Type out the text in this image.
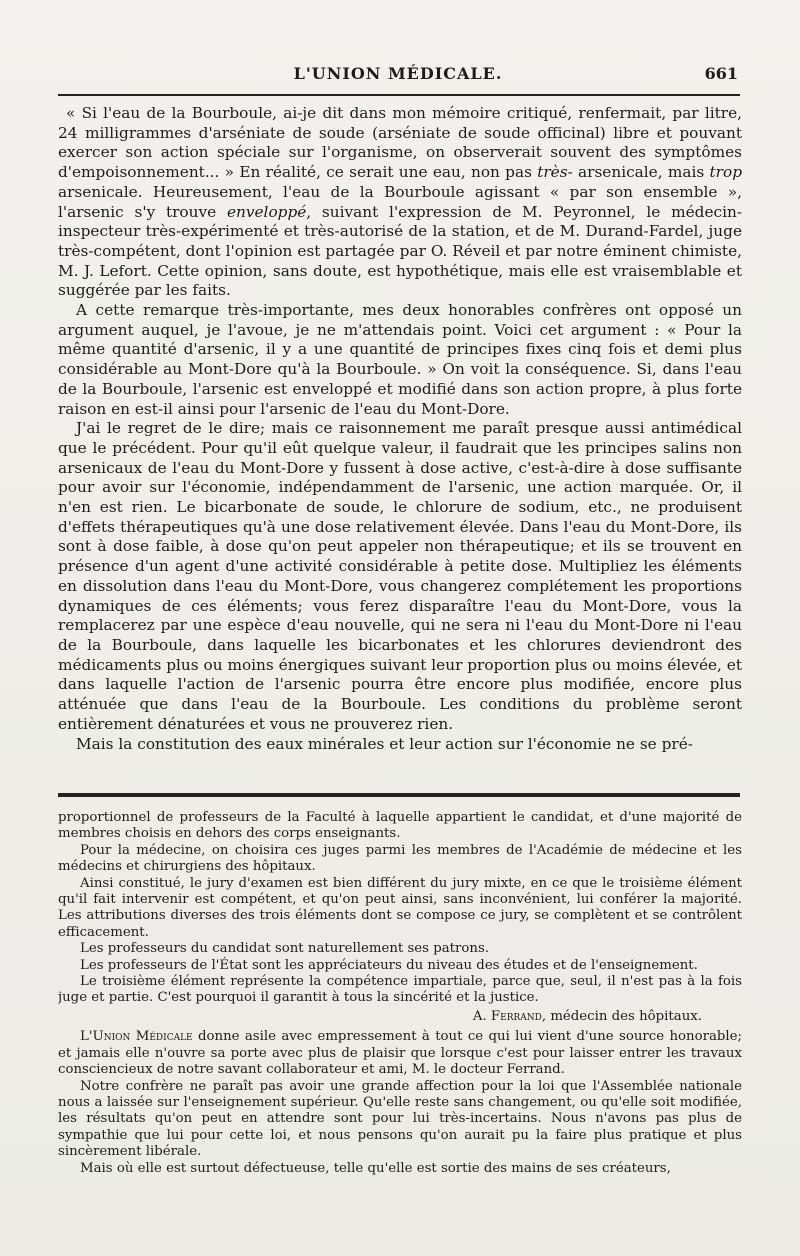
L'UNION MÉDICALE.	661

« Si l'eau de la Bourboule, ai-je dit dans mon mémoire critiqué, renfermait, par litre, 24 milligrammes d'arséniate de soude (arséniate de soude officinal) libre et pouvant exercer son action spéciale sur l'organisme, on observerait souvent des symptômes d'empoisonnement... » En réalité, ce serait une eau, non pas très- arsenicale, mais trop arsenicale. Heureusement, l'eau de la Bourboule agissant « par son ensemble », l'arsenic s'y trouve enveloppé, suivant l'expression de M. Peyronnel, le médecin-inspecteur très-expérimenté et très-autorisé de la station, et de M. Durand-Fardel, juge très-compétent, dont l'opinion est partagée par O. Réveil et par notre éminent chimiste, M. J. Lefort. Cette opinion, sans doute, est hypothétique, mais elle est vraisemblable et suggérée par les faits.

A cette remarque très-importante, mes deux honorables confrères ont opposé un argument auquel, je l'avoue, je ne m'attendais point. Voici cet argument : « Pour la même quantité d'arsenic, il y a une quantité de principes fixes cinq fois et demi plus considérable au Mont-Dore qu'à la Bourboule. » On voit la conséquence. Si, dans l'eau de la Bourboule, l'arsenic est enveloppé et modifié dans son action propre, à plus forte raison en est-il ainsi pour l'arsenic de l'eau du Mont-Dore.

J'ai le regret de le dire; mais ce raisonnement me paraît presque aussi antimédical que le précédent. Pour qu'il eût quelque valeur, il faudrait que les principes salins non arsenicaux de l'eau du Mont-Dore y fussent à dose active, c'est-à-dire à dose suffisante pour avoir sur l'économie, indépendamment de l'arsenic, une action marquée. Or, il n'en est rien. Le bicarbonate de soude, le chlorure de sodium, etc., ne produisent d'effets thérapeutiques qu'à une dose relativement élevée. Dans l'eau du Mont-Dore, ils sont à dose faible, à dose qu'on peut appeler non thérapeutique; et ils se trouvent en présence d'un agent d'une activité considérable à petite dose. Multipliez les éléments en dissolution dans l'eau du Mont-Dore, vous changerez complétement les proportions dynamiques de ces éléments; vous ferez disparaître l'eau du Mont-Dore, vous la remplacerez par une espèce d'eau nouvelle, qui ne sera ni l'eau du Mont-Dore ni l'eau de la Bourboule, dans laquelle les bicarbonates et les chlorures deviendront des médicaments plus ou moins énergiques suivant leur proportion plus ou moins élevée, et dans laquelle l'action de l'arsenic pourra être encore plus modifiée, encore plus atténuée que dans l'eau de la Bourboule. Les conditions du problème seront entièrement dénaturées et vous ne prouverez rien.

Mais la constitution des eaux minérales et leur action sur l'économie ne se pré-

proportionnel de professeurs de la Faculté à laquelle appartient le candidat, et d'une majorité de membres choisis en dehors des corps enseignants.

Pour la médecine, on choisira ces juges parmi les membres de l'Académie de médecine et les médecins et chirurgiens des hôpitaux.

Ainsi constitué, le jury d'examen est bien différent du jury mixte, en ce que le troisième élément qu'il fait intervenir est compétent, et qu'on peut ainsi, sans inconvénient, lui conférer la majorité. Les attributions diverses des trois éléments dont se compose ce jury, se complètent et se contrôlent efficacement.

Les professeurs du candidat sont naturellement ses patrons.

Les professeurs de l'État sont les appréciateurs du niveau des études et de l'enseignement.

Le troisième élément représente la compétence impartiale, parce que, seul, il n'est pas à la fois juge et partie. C'est pourquoi il garantit à tous la sincérité et la justice.

A. Ferrand, médecin des hôpitaux.

L'Union Médicale donne asile avec empressement à tout ce qui lui vient d'une source honorable; et jamais elle n'ouvre sa porte avec plus de plaisir que lorsque c'est pour laisser entrer les travaux consciencieux de notre savant collaborateur et ami, M. le docteur Ferrand.

Notre confrère ne paraît pas avoir une grande affection pour la loi que l'Assemblée nationale nous a laissée sur l'enseignement supérieur. Qu'elle reste sans changement, ou qu'elle soit modifiée, les résultats qu'on peut en attendre sont pour lui très-incertains. Nous n'avons pas plus de sympathie que lui pour cette loi, et nous pensons qu'on aurait pu la faire plus pratique et plus sincèrement libérale.

Mais où elle est surtout défectueuse, telle qu'elle est sortie des mains de ses créateurs,
